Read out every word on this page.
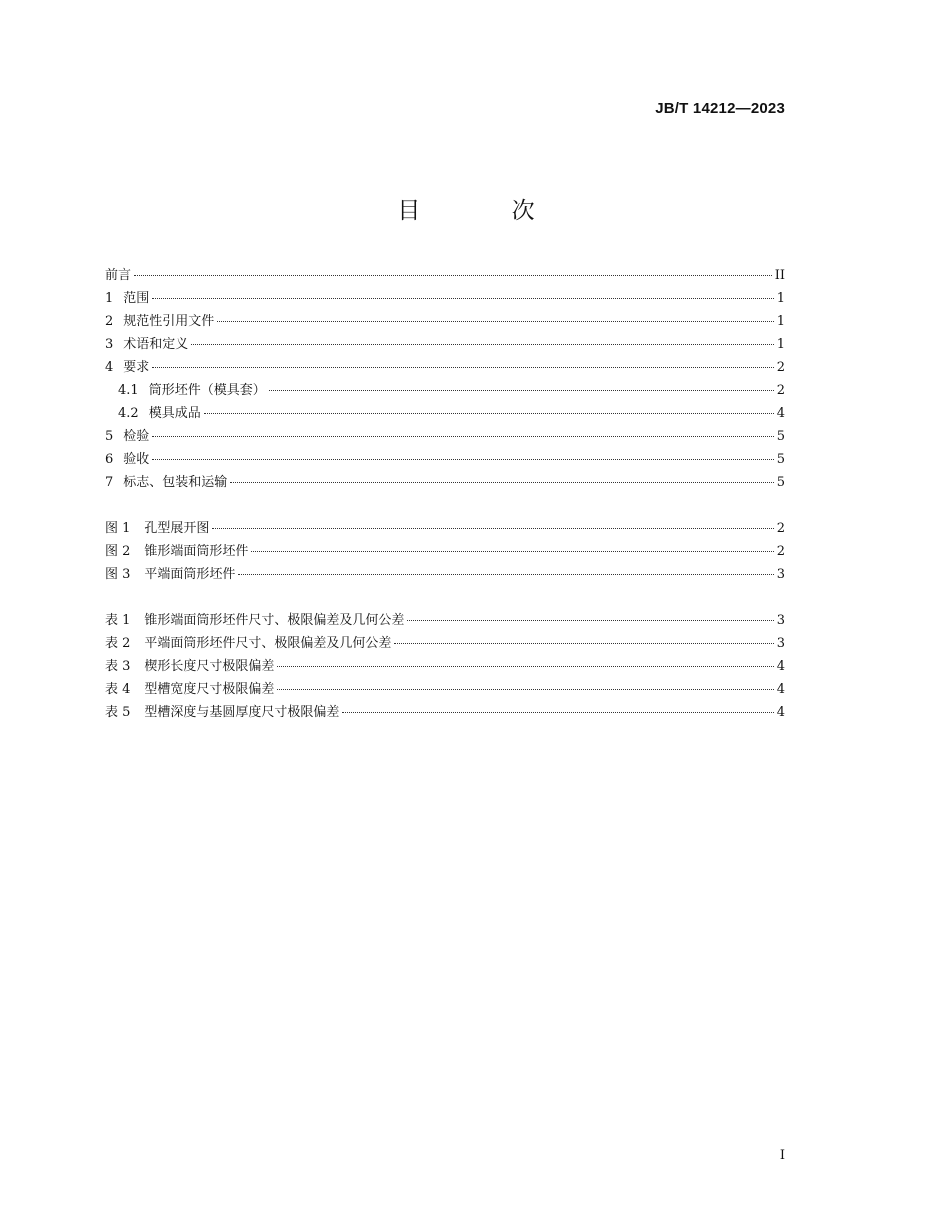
JB/T 14212—2023
目 次
前言	II
1 范围	1
2 规范性引用文件	1
3 术语和定义	1
4 要求	2
4.1 筒形坯件（模具套）	2
4.2 模具成品	4
5 检验	5
6 验收	5
7 标志、包装和运输	5
图 1 孔型展开图	2
图 2 锥形端面筒形坯件	2
图 3 平端面筒形坯件	3
表 1 锥形端面筒形坯件尺寸、极限偏差及几何公差	3
表 2 平端面筒形坯件尺寸、极限偏差及几何公差	3
表 3 楔形长度尺寸极限偏差	4
表 4 型槽宽度尺寸极限偏差	4
表 5 型槽深度与基圆厚度尺寸极限偏差	4
I
